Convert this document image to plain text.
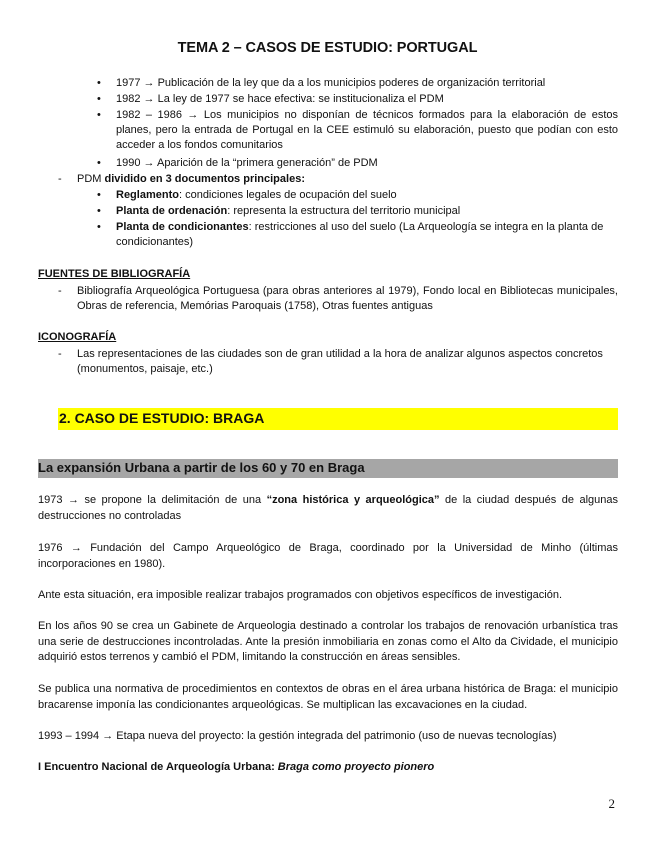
TEMA 2 – CASOS DE ESTUDIO: PORTUGAL
• 1977 → Publicación de la ley que da a los municipios poderes de organización territorial
• 1982 → La ley de 1977 se hace efectiva: se institucionaliza el PDM
• 1982 – 1986 → Los municipios no disponían de técnicos formados para la elaboración de estos planes, pero la entrada de Portugal en la CEE estimuló su elaboración, puesto que podían con esto acceder a los fondos comunitarios
• 1990 → Aparición de la “primera generación” de PDM
- PDM dividido en 3 documentos principales:
• Reglamento: condiciones legales de ocupación del suelo
• Planta de ordenación: representa la estructura del territorio municipal
• Planta de condicionantes: restricciones al uso del suelo (La Arqueología se integra en la planta de condicionantes)
FUENTES DE BIBLIOGRAFÍA
- Bibliografía Arqueológica Portuguesa (para obras anteriores al 1979), Fondo local en Bibliotecas municipales, Obras de referencia, Memórias Paroquais (1758), Otras fuentes antiguas
ICONOGRAFÍA
- Las representaciones de las ciudades son de gran utilidad a la hora de analizar algunos aspectos concretos (monumentos, paisaje, etc.)
2. CASO DE ESTUDIO: BRAGA
La expansión Urbana a partir de los 60 y 70 en Braga
1973 → se propone la delimitación de una “zona histórica y arqueológica” de la ciudad después de algunas destrucciones no controladas
1976 → Fundación del Campo Arqueológico de Braga, coordinado por la Universidad de Minho (últimas incorporaciones en 1980).
Ante esta situación, era imposible realizar trabajos programados con objetivos específicos de investigación.
En los años 90 se crea un Gabinete de Arqueologia destinado a controlar los trabajos de renovación urbanística tras una serie de destrucciones incontroladas. Ante la presión inmobiliaria en zonas como el Alto da Cividade, el municipio adquirió estos terrenos y cambió el PDM, limitando la construcción en áreas sensibles.
Se publica una normativa de procedimientos en contextos de obras en el área urbana histórica de Braga: el municipio bracarense imponía las condicionantes arqueológicas. Se multiplican las excavaciones en la ciudad.
1993 – 1994 → Etapa nueva del proyecto: la gestión integrada del patrimonio (uso de nuevas tecnologías)
I Encuentro Nacional de Arqueología Urbana: Braga como proyecto pionero
2
